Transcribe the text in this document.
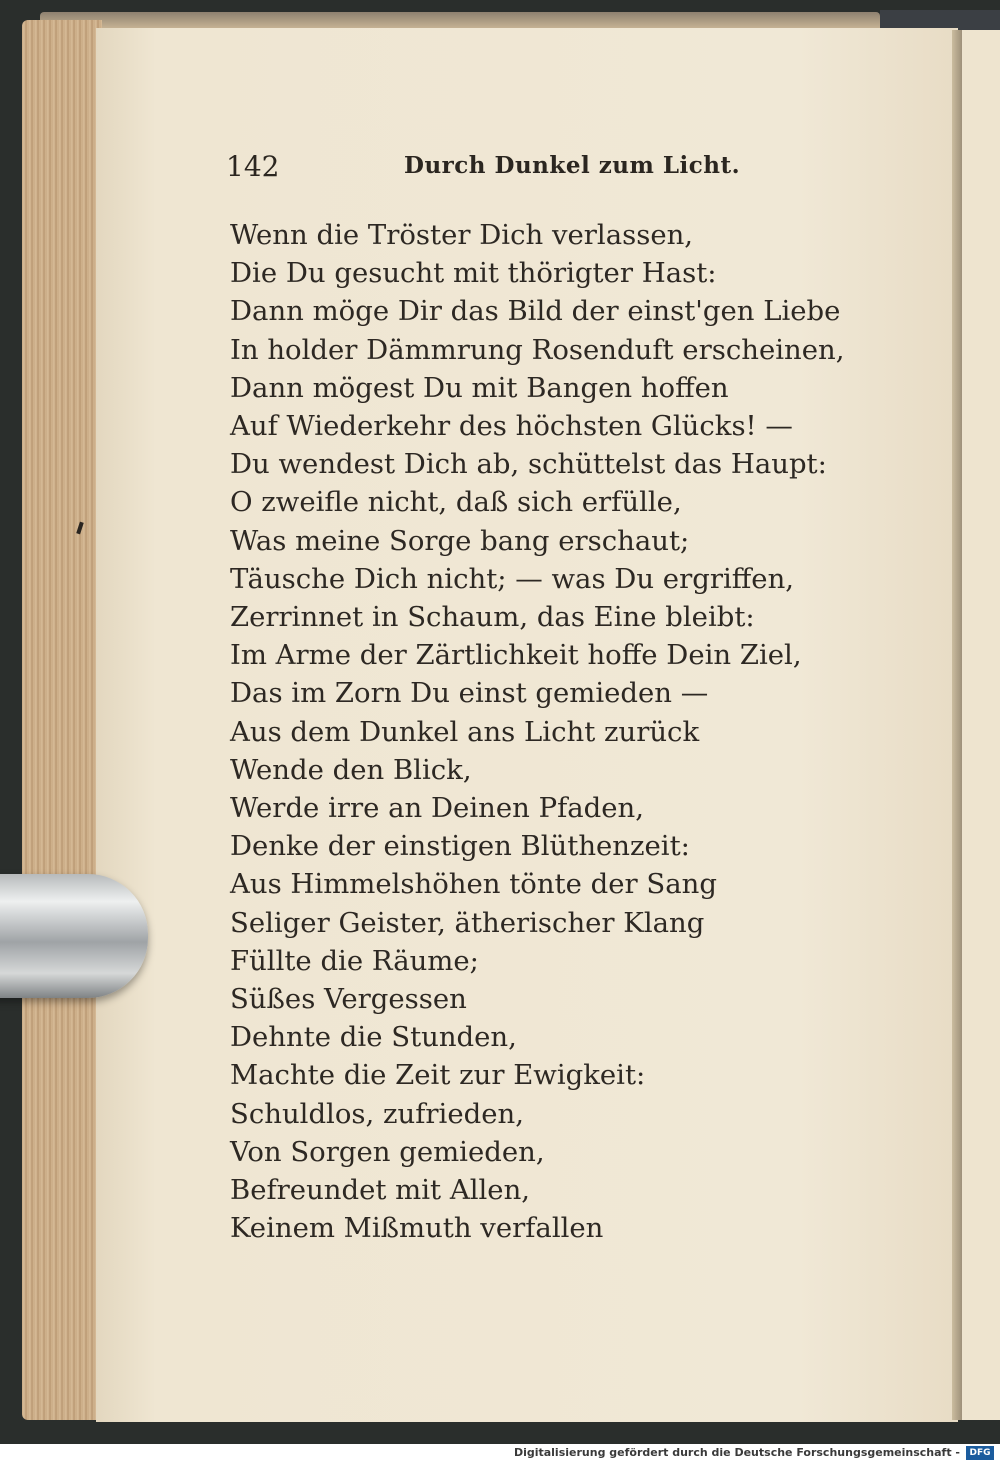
142	Durch Dunkel zum Licht.
Wenn die Tröster Dich verlassen,
Die Du gesucht mit thörigter Hast:
Dann möge Dir das Bild der einst'gen Liebe
In holder Dämmrung Rosenduft erscheinen,
Dann mögest Du mit Bangen hoffen
Auf Wiederkehr des höchsten Glücks! —
Du wendest Dich ab, schüttelst das Haupt:
O zweifle nicht, daß sich erfülle,
Was meine Sorge bang erschaut;
Täusche Dich nicht; — was Du ergriffen,
Zerrinnet in Schaum, das Eine bleibt:
Im Arme der Zärtlichkeit hoffe Dein Ziel,
Das im Zorn Du einst gemieden —
Aus dem Dunkel ans Licht zurück
Wende den Blick,
Werde irre an Deinen Pfaden,
Denke der einstigen Blüthenzeit:
Aus Himmelshöhen tönte der Sang
Seliger Geister, ätherischer Klang
Füllte die Räume;
Süßes Vergessen
Dehnte die Stunden,
Machte die Zeit zur Ewigkeit:
Schuldlos, zufrieden,
Von Sorgen gemieden,
Befreundet mit Allen,
Keinem Mißmuth verfallen
Digitalisierung gefördert durch die Deutsche Forschungsgemeinschaft -	DFG
